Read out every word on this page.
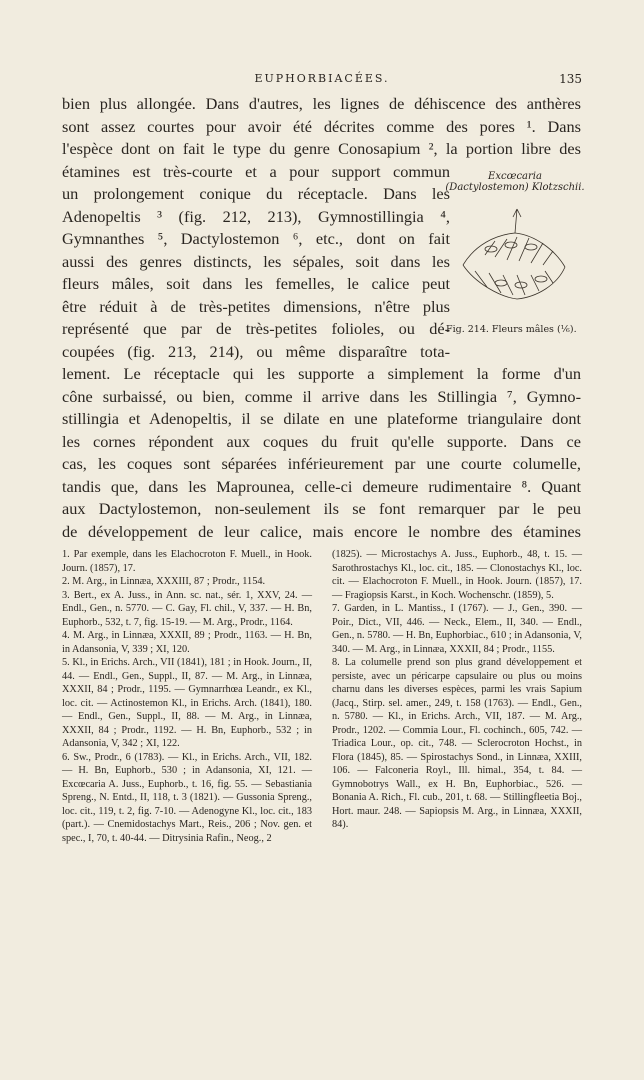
EUPHORBIACÉES.	135
bien plus allongée. Dans d'autres, les lignes de déhiscence des anthères
sont assez courtes pour avoir été décrites comme des pores ¹. Dans
l'espèce dont on fait le type du genre Conosapium ², la portion libre des
étamines est très-courte et a pour support commun
un prolongement conique du réceptacle. Dans les
Adenopeltis ³ (fig. 212, 213), Gymnostillingia ⁴,
Gymnanthes ⁵, Dactylostemon ⁶, etc., dont on fait
aussi des genres distincts, les sépales, soit dans les
fleurs mâles, soit dans les femelles, le calice peut
être réduit à de très-petites dimensions, n'être plus
représenté que par de très-petites folioles, ou dé-
coupées (fig. 213, 214), ou même disparaître tota-
lement. Le réceptacle qui les supporte a simplement la forme d'un
cône surbaissé, ou bien, comme il arrive dans les Stillingia ⁷, Gymno-
stillingia et Adenopeltis, il se dilate en une plateforme triangulaire dont
les cornes répondent aux coques du fruit qu'elle supporte. Dans ce
cas, les coques sont séparées inférieurement par une courte columelle,
tandis que, dans les Maprounea, celle-ci demeure rudimentaire ⁸. Quant
aux Dactylostemon, non-seulement ils se font remarquer par le peu
de développement de leur calice, mais encore le nombre des étamines
Excœcaria (Dactylostemon) Klotzschii.
Fig. 214. Fleurs mâles (⅙).

1. Par exemple, dans les Elachocroton F. Muell., in Hook. Journ. (1857), 17.

2. M. Arg., in Linnæa, XXXIII, 87 ; Prodr., 1154.

3. Bert., ex A. Juss., in Ann. sc. nat., sér. 1, XXV, 24. — Endl., Gen., n. 5770. — C. Gay, Fl. chil., V, 337. — H. Bn, Euphorb., 532, t. 7, fig. 15-19. — M. Arg., Prodr., 1164.

4. M. Arg., in Linnæa, XXXII, 89 ; Prodr., 1163. — H. Bn, in Adansonia, V, 339 ; XI, 120.

5. Kl., in Erichs. Arch., VII (1841), 181 ; in Hook. Journ., II, 44. — Endl., Gen., Suppl., II, 87. — M. Arg., in Linnæa, XXXII, 84 ; Prodr., 1195. — Gymnarrhœa Leandr., ex Kl., loc. cit. — Actinostemon Kl., in Erichs. Arch. (1841), 180. — Endl., Gen., Suppl., II, 88. — M. Arg., in Linnæa, XXXII, 84 ; Prodr., 1192. — H. Bn, Euphorb., 532 ; in Adansonia, V, 342 ; XI, 122.

6. Sw., Prodr., 6 (1783). — Kl., in Erichs. Arch., VII, 182. — H. Bn, Euphorb., 530 ; in Adansonia, XI, 121. — Excœcaria A. Juss., Euphorb., t. 16, fig. 55. — Sebastiania Spreng., N. Entd., II, 118, t. 3 (1821). — Gussonia Spreng., loc. cit., 119, t. 2, fig. 7-10. — Adenogyne Kl., loc. cit., 183 (part.). — Cnemidostachys Mart., Reis., 206 ; Nov. gen. et spec., I, 70, t. 40-44. — Ditrysinia Rafin., Neog., 2

(1825). — Microstachys A. Juss., Euphorb., 48, t. 15. — Sarothrostachys Kl., loc. cit., 185. — Clonostachys Kl., loc. cit. — Elachocroton F. Muell., in Hook. Journ. (1857), 17. — Fragiopsis Karst., in Koch. Wochenschr. (1859), 5.

7. Garden, in L. Mantiss., I (1767). — J., Gen., 390. — Poir., Dict., VII, 446. — Neck., Elem., II, 340. — Endl., Gen., n. 5780. — H. Bn, Euphorbiac., 610 ; in Adansonia, V, 340. — M. Arg., in Linnæa, XXXII, 84 ; Prodr., 1155.

8. La columelle prend son plus grand développement et persiste, avec un péricarpe capsulaire ou plus ou moins charnu dans les diverses espèces, parmi les vrais Sapium (Jacq., Stirp. sel. amer., 249, t. 158 (1763). — Endl., Gen., n. 5780. — Kl., in Erichs. Arch., VII, 187. — M. Arg., Prodr., 1202. — Commia Lour., Fl. cochinch., 605, 742. — Triadica Lour., op. cit., 748. — Sclerocroton Hochst., in Flora (1845), 85. — Spirostachys Sond., in Linnæa, XXIII, 106. — Falconeria Royl., Ill. himal., 354, t. 84. — Gymnobotrys Wall., ex H. Bn, Euphorbiac., 526. — Bonania A. Rich., Fl. cub., 201, t. 68. — Stillingfleetia Boj., Hort. maur. 248. — Sapiopsis M. Arg., in Linnæa, XXXII, 84).
